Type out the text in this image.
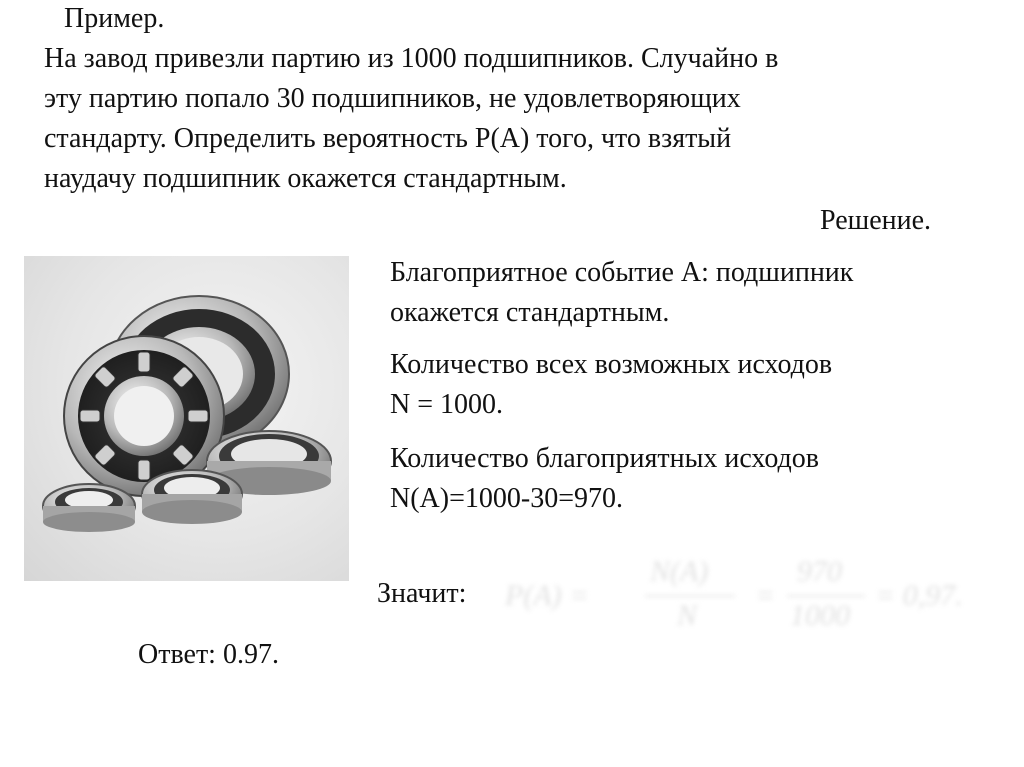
Пример.
На завод привезли партию из 1000 подшипников. Случайно в
эту партию попало 30 подшипников, не удовлетворяющих
стандарту. Определить вероятность P(A) того, что взятый
наудачу подшипник окажется стандартным.
Решение.
Благоприятное событие А: подшипник
окажется стандартным.
Количество всех возможных исходов
N = 1000.
Количество благоприятных исходов
N(A)=1000-30=970.
Значит: P(A) =
N(A)
N
=
970
1000
= 0,97.
Ответ: 0.97.
